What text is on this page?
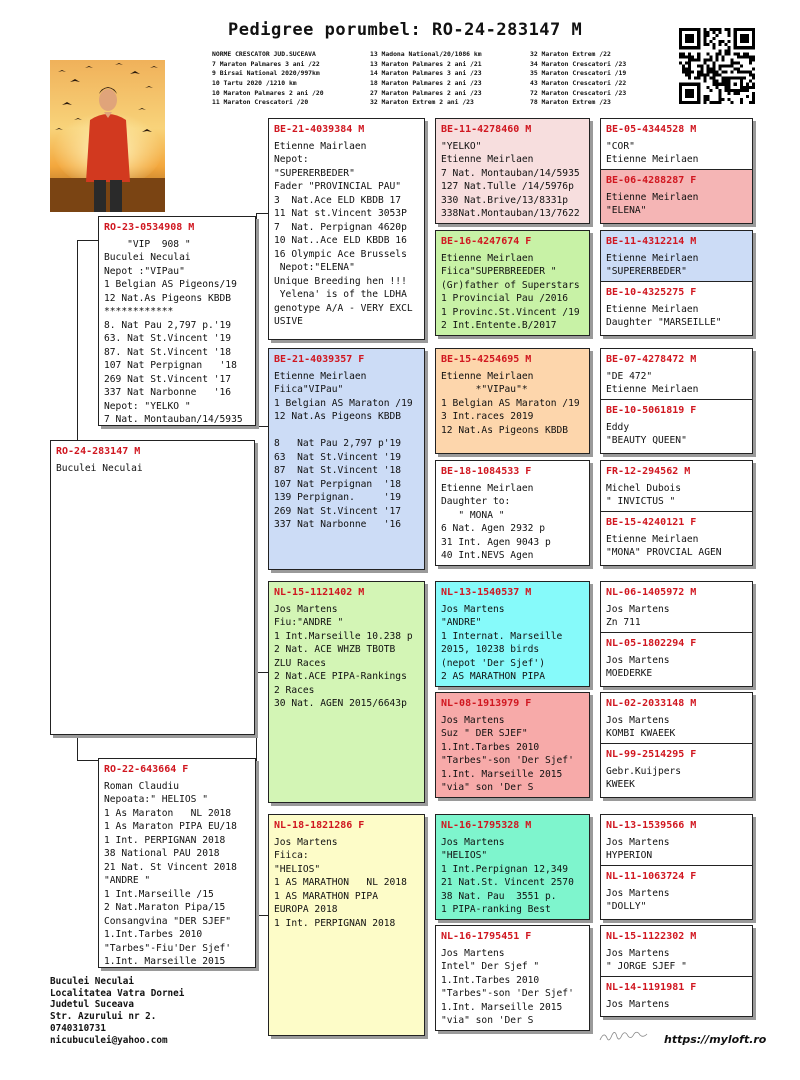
Pedigree porumbel: RO-24-283147 M
NORME CRESCATOR JUD.SUCEAVA
7 Maraton Palmares 3 ani /22
9 Birsai National 2020/997km
10 Tartu 2020 /1210 km
10 Maraton Palmares 2 ani /20
11 Maraton Crescatori /20
13 Madona National/20/1086 km
13 Maraton Palmares 2 ani /21
14 Maraton Palmares 3 ani /23
18 Maraton Palmares 2 ani /23
27 Maraton Palmares 2 ani /23
32 Maraton Extrem 2 ani /23
32 Maraton Extrem /22
34 Maraton Crescatori /23
35 Maraton Crescatori /19
43 Maraton Crescatori /22
72 Maraton Crescatori /23
78 Maraton Extrem /23
RO-24-283147 M
Buculei Neculai
RO-23-0534908 M
"VIP  908 "
Buculei Neculai
Nepot :"VIPau"
1 Belgian AS Pigeons/19
12 Nat.As Pigeons KBDB
************
8. Nat Pau 2,797 p.'19
63. Nat St.Vincent '19
87. Nat St.Vincent '18
107 Nat Perpignan   '18
269 Nat St.Vincent '17
337 Nat Narbonne   '16
Nepot: "YELKO "
7 Nat. Montauban/14/5935
RO-22-643664 F
Roman Claudiu
Nepoata:" HELIOS "
1 As Maraton   NL 2018
1 As Maraton PIPA EU/18
1 Int. PERPIGNAN 2018
38 National PAU 2018
21 Nat. St Vincent 2018
"ANDRE "
1 Int.Marseille /15
2 Nat.Maraton Pipa/15
Consangvina "DER SJEF"
1.Int.Tarbes 2010
"Tarbes"-Fiu'Der Sjef'
1.Int. Marseille 2015
BE-21-4039384 M
Etienne Mairlaen
Nepot:
"SUPERERBEDER"
Fader "PROVINCIAL PAU"
3  Nat.Ace ELD KBDB 17
11 Nat st.Vincent 3053P
7  Nat. Perpignan 4620p
10 Nat..Ace ELD KBDB 16
16 Olympic Ace Brussels
Nepot:"ELENA"
Unique Breeding hen !!!
Yelena' is of the LDHA
genotype A/A - VERY EXCL
USIVE
BE-21-4039357 F
Etienne Meirlaen
Fiica"VIPau"
1 Belgian AS Maraton /19
12 Nat.As Pigeons KBDB
8   Nat Pau 2,797 p'19
63  Nat St.Vincent '19
87  Nat St.Vincent '18
107 Nat Perpignan  '18
139 Perpignan.     '19
269 Nat St.Vincent '17
337 Nat Narbonne   '16
NL-15-1121402 M
Jos Martens
Fiu:"ANDRE "
1 Int.Marseille 10.238 p
2 Nat. ACE WHZB TBOTB
ZLU Races
2 Nat.ACE PIPA-Rankings
2 Races
30 Nat. AGEN 2015/6643p
NL-18-1821286 F
Jos Martens
Fiica:
"HELIOS"
1 AS MARATHON   NL 2018
1 AS MARATHON PIPA
EUROPA 2018
1 Int. PERPIGNAN 2018
BE-11-4278460 M
"YELKO"
Etienne Meirlaen
7 Nat. Montauban/14/5935
127 Nat.Tulle /14/5976p
330 Nat.Brive/13/8331p
338Nat.Montauban/13/7622
BE-16-4247674 F
Etienne Meirlaen
Fiica"SUPERBREEDER "
(Gr)father of Superstars
1 Provincial Pau /2016
1 Provinc.St.Vincent /19
2 Int.Entente.B/2017
BE-15-4254695 M
Etienne Meirlaen
*"VIPau"*
1 Belgian AS Maraton /19
3 Int.races 2019
12 Nat.As Pigeons KBDB
BE-18-1084533 F
Etienne Meirlaen
Daughter to:
" MONA "
6 Nat. Agen 2932 p
31 Int. Agen 9043 p
40 Int.NEVS Agen
NL-13-1540537 M
Jos Martens
"ANDRE"
1 Internat. Marseille
2015, 10238 birds
(nepot 'Der Sjef')
2 AS MARATHON PIPA
NL-08-1913979 F
Jos Martens
Suz " DER SJEF"
1.Int.Tarbes 2010
"Tarbes"-son 'Der Sjef'
1.Int. Marseille 2015
"via" son 'Der S
NL-16-1795328 M
Jos Martens
"HELIOS"
1 Int.Perpignan 12,349
21 Nat.St. Vincent 2570
38 Nat. Pau  3551 p.
1 PIPA-ranking Best
NL-16-1795451 F
Jos Martens
Intel" Der Sjef "
1.Int.Tarbes 2010
"Tarbes"-son 'Der Sjef'
1.Int. Marseille 2015
"via" son 'Der S
BE-05-4344528 M
"COR"
Etienne Meirlaen
BE-06-4288287 F
Etienne Meirlaen
"ELENA"
BE-11-4312214 M
Etienne Meirlaen
"SUPERERBEDER"
BE-10-4325275 F
Etienne Meirlaen
Daughter "MARSEILLE"
BE-07-4278472 M
"DE 472"
Etienne Meirlaen
BE-10-5061819 F
Eddy
"BEAUTY QUEEN"
FR-12-294562 M
Michel Dubois
" INVICTUS "
BE-15-4240121 F
Etienne Meirlaen
"MONA" PROVCIAL AGEN
NL-06-1405972 M
Jos Martens
Zn 711
NL-05-1802294 F
Jos Martens
MOEDERKE
NL-02-2033148 M
Jos Martens
KOMBI KWAEEK
NL-99-2514295 F
Gebr.Kuijpers
KWEEK
NL-13-1539566 M
Jos Martens
HYPERION
NL-11-1063724 F
Jos Martens
"DOLLY"
NL-15-1122302 M
Jos Martens
" JORGE SJEF "
NL-14-1191981 F
Jos Martens
Buculei Neculai
Localitatea Vatra Dornei
Judetul Suceava
Str. Azurului nr 2.
0740310731
nicubuculei@yahoo.com	https://myloft.ro
